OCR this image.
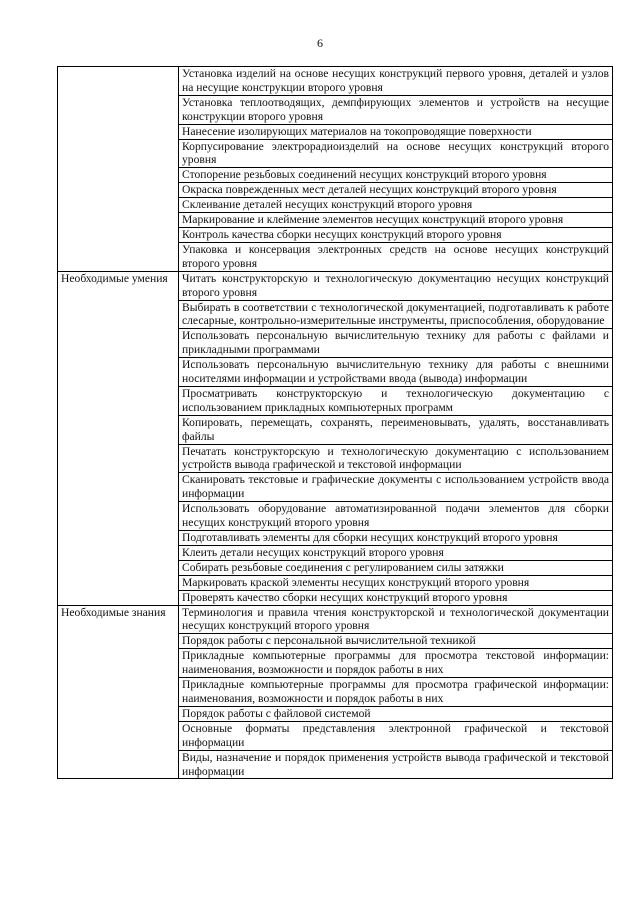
6
	Установка изделий на основе несущих конструкций первого уровня, деталей и узлов на несущие конструкции второго уровня
	Установка теплоотводящих, демпфирующих элементов и устройств на несущие конструкции второго уровня
	Нанесение изолирующих материалов на токопроводящие поверхности
	Корпусирование электрорадиоизделий на основе несущих конструкций второго уровня
	Стопорение резьбовых соединений несущих конструкций второго уровня
	Окраска поврежденных мест деталей несущих конструкций второго уровня
	Склеивание деталей несущих конструкций второго уровня
	Маркирование и клеймение элементов несущих конструкций второго уровня
	Контроль качества сборки несущих конструкций второго уровня
	Упаковка и консервация электронных средств на основе несущих конструкций второго уровня
Необходимые умения	Читать конструкторскую и технологическую документацию несущих конструкций второго уровня
	Выбирать в соответствии с технологической документацией, подготавливать к работе слесарные, контрольно-измерительные инструменты, приспособления, оборудование
	Использовать персональную вычислительную технику для работы с файлами и прикладными программами
	Использовать персональную вычислительную технику для работы с внешними носителями информации и устройствами ввода (вывода) информации
	Просматривать конструкторскую и технологическую документацию с использованием прикладных компьютерных программ
	Копировать, перемещать, сохранять, переименовывать, удалять, восстанавливать файлы
	Печатать конструкторскую и технологическую документацию с использованием устройств вывода графической и текстовой информации
	Сканировать текстовые и графические документы с использованием устройств ввода информации
	Использовать оборудование автоматизированной подачи элементов для сборки несущих конструкций второго уровня
	Подготавливать элементы для сборки несущих конструкций второго уровня
	Клеить детали несущих конструкций второго уровня
	Собирать резьбовые соединения с регулированием силы затяжки
	Маркировать краской элементы несущих конструкций второго уровня
	Проверять качество сборки несущих конструкций второго уровня
Необходимые знания	Терминология и правила чтения конструкторской и технологической документации несущих конструкций второго уровня
	Порядок работы с персональной вычислительной техникой
	Прикладные компьютерные программы для просмотра текстовой информации: наименования, возможности и порядок работы в них
	Прикладные компьютерные программы для просмотра графической информации: наименования, возможности и порядок работы в них
	Порядок работы с файловой системой
	Основные форматы представления электронной графической и текстовой информации
	Виды, назначение и порядок применения устройств вывода графической и текстовой информации
